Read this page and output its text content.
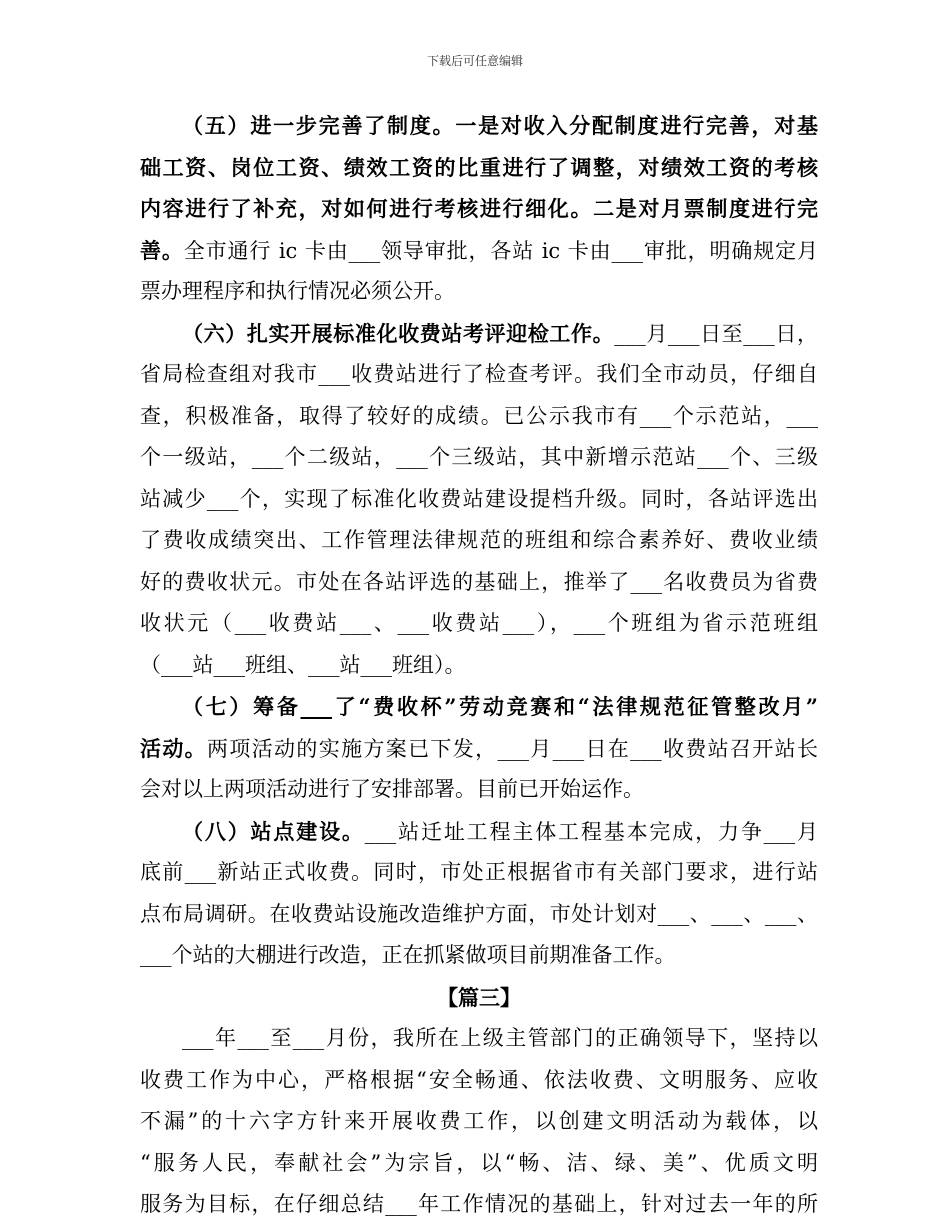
下载后可任意编辑
（五）进一步完善了制度。一是对收入分配制度进行完善，对基
础工资、岗位工资、绩效工资的比重进行了调整，对绩效工资的考核
内容进行了补充，对如何进行考核进行细化。二是对月票制度进行完
善。全市通行 ic 卡由___领导审批，各站 ic 卡由___审批，明确规定月
票办理程序和执行情况必须公开。
（六）扎实开展标准化收费站考评迎检工作。___月___日至___日，
省局检查组对我市___收费站进行了检查考评。我们全市动员，仔细自
查，积极准备，取得了较好的成绩。已公示我市有___个示范站，___
个一级站，___个二级站，___个三级站，其中新增示范站___个、三级
站减少___个，实现了标准化收费站建设提档升级。同时，各站评选出
了费收成绩突出、工作管理法律规范的班组和综合素养好、费收业绩
好的费收状元。市处在各站评选的基础上，推举了___名收费员为省费
收状元（___收费站___、___收费站___），___个班组为省示范班组
（___站___班组、___站___班组）。
（七）筹备___了“费收杯”劳动竞赛和“法律规范征管整改月”
活动。两项活动的实施方案已下发，___月___日在___收费站召开站长
会对以上两项活动进行了安排部署。目前已开始运作。
（八）站点建设。___站迁址工程主体工程基本完成，力争___月
底前___新站正式收费。同时，市处正根据省市有关部门要求，进行站
点布局调研。在收费站设施改造维护方面，市处计划对___、___、___、
___个站的大棚进行改造，正在抓紧做项目前期准备工作。
【篇三】
___年___至___月份，我所在上级主管部门的正确领导下，坚持以
收费工作为中心，严格根据“安全畅通、依法收费、文明服务、应收
不漏”的十六字方针来开展收费工作，以创建文明活动为载体，以
“服务人民，奉献社会”为宗旨，以“畅、洁、绿、美”、优质文明
服务为目标，在仔细总结___年工作情况的基础上，针对过去一年的所
